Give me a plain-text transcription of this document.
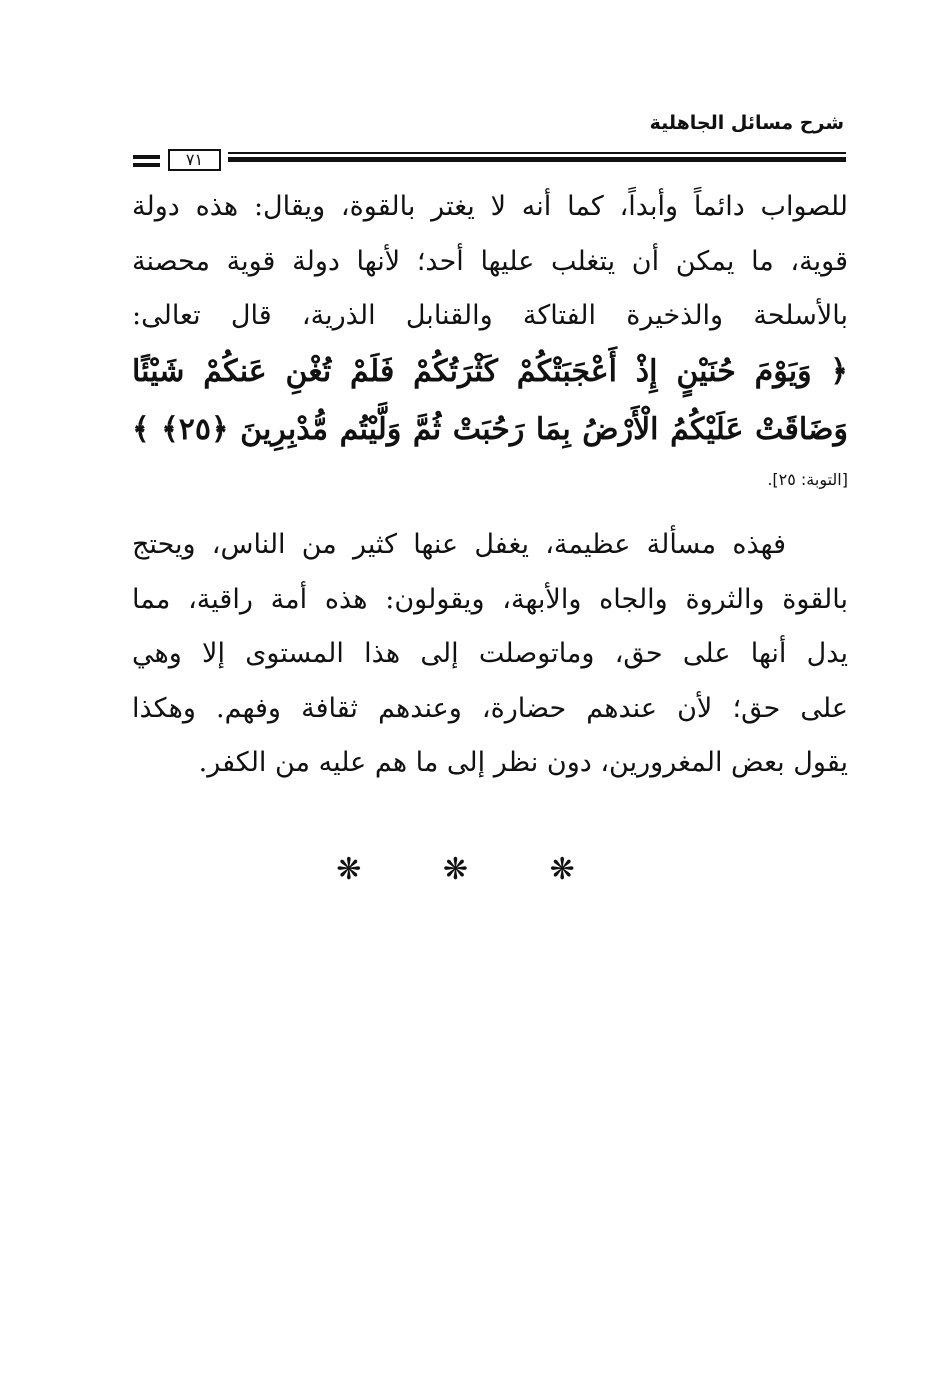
شرح مسائل الجاهلية
٧١
للصواب دائماً وأبداً، كما أنه لا يغتر بالقوة، ويقال: هذه دولة
قوية، ما يمكن أن يتغلب عليها أحد؛ لأنها دولة قوية محصنة
بالأسلحة والذخيرة الفتاكة والقنابل الذرية، قال تعالى:
﴿ وَيَوْمَ حُنَيْنٍ إِذْ أَعْجَبَتْكُمْ كَثْرَتُكُمْ فَلَمْ تُغْنِ عَنكُمْ شَيْئًا
وَضَاقَتْ عَلَيْكُمُ الْأَرْضُ بِمَا رَحُبَتْ ثُمَّ وَلَّيْتُم مُّدْبِرِينَ ﴿٢٥﴾ ﴾
[التوبة: ٢٥].
فهذه مسألة عظيمة، يغفل عنها كثير من الناس، ويحتج
بالقوة والثروة والجاه والأبهة، ويقولون: هذه أمة راقية، مما
يدل أنها على حق، وماتوصلت إلى هذا المستوى إلا وهي
على حق؛ لأن عندهم حضارة، وعندهم ثقافة وفهم. وهكذا
يقول بعض المغرورين، دون نظر إلى ما هم عليه من الكفر.
❋ ❋ ❋
